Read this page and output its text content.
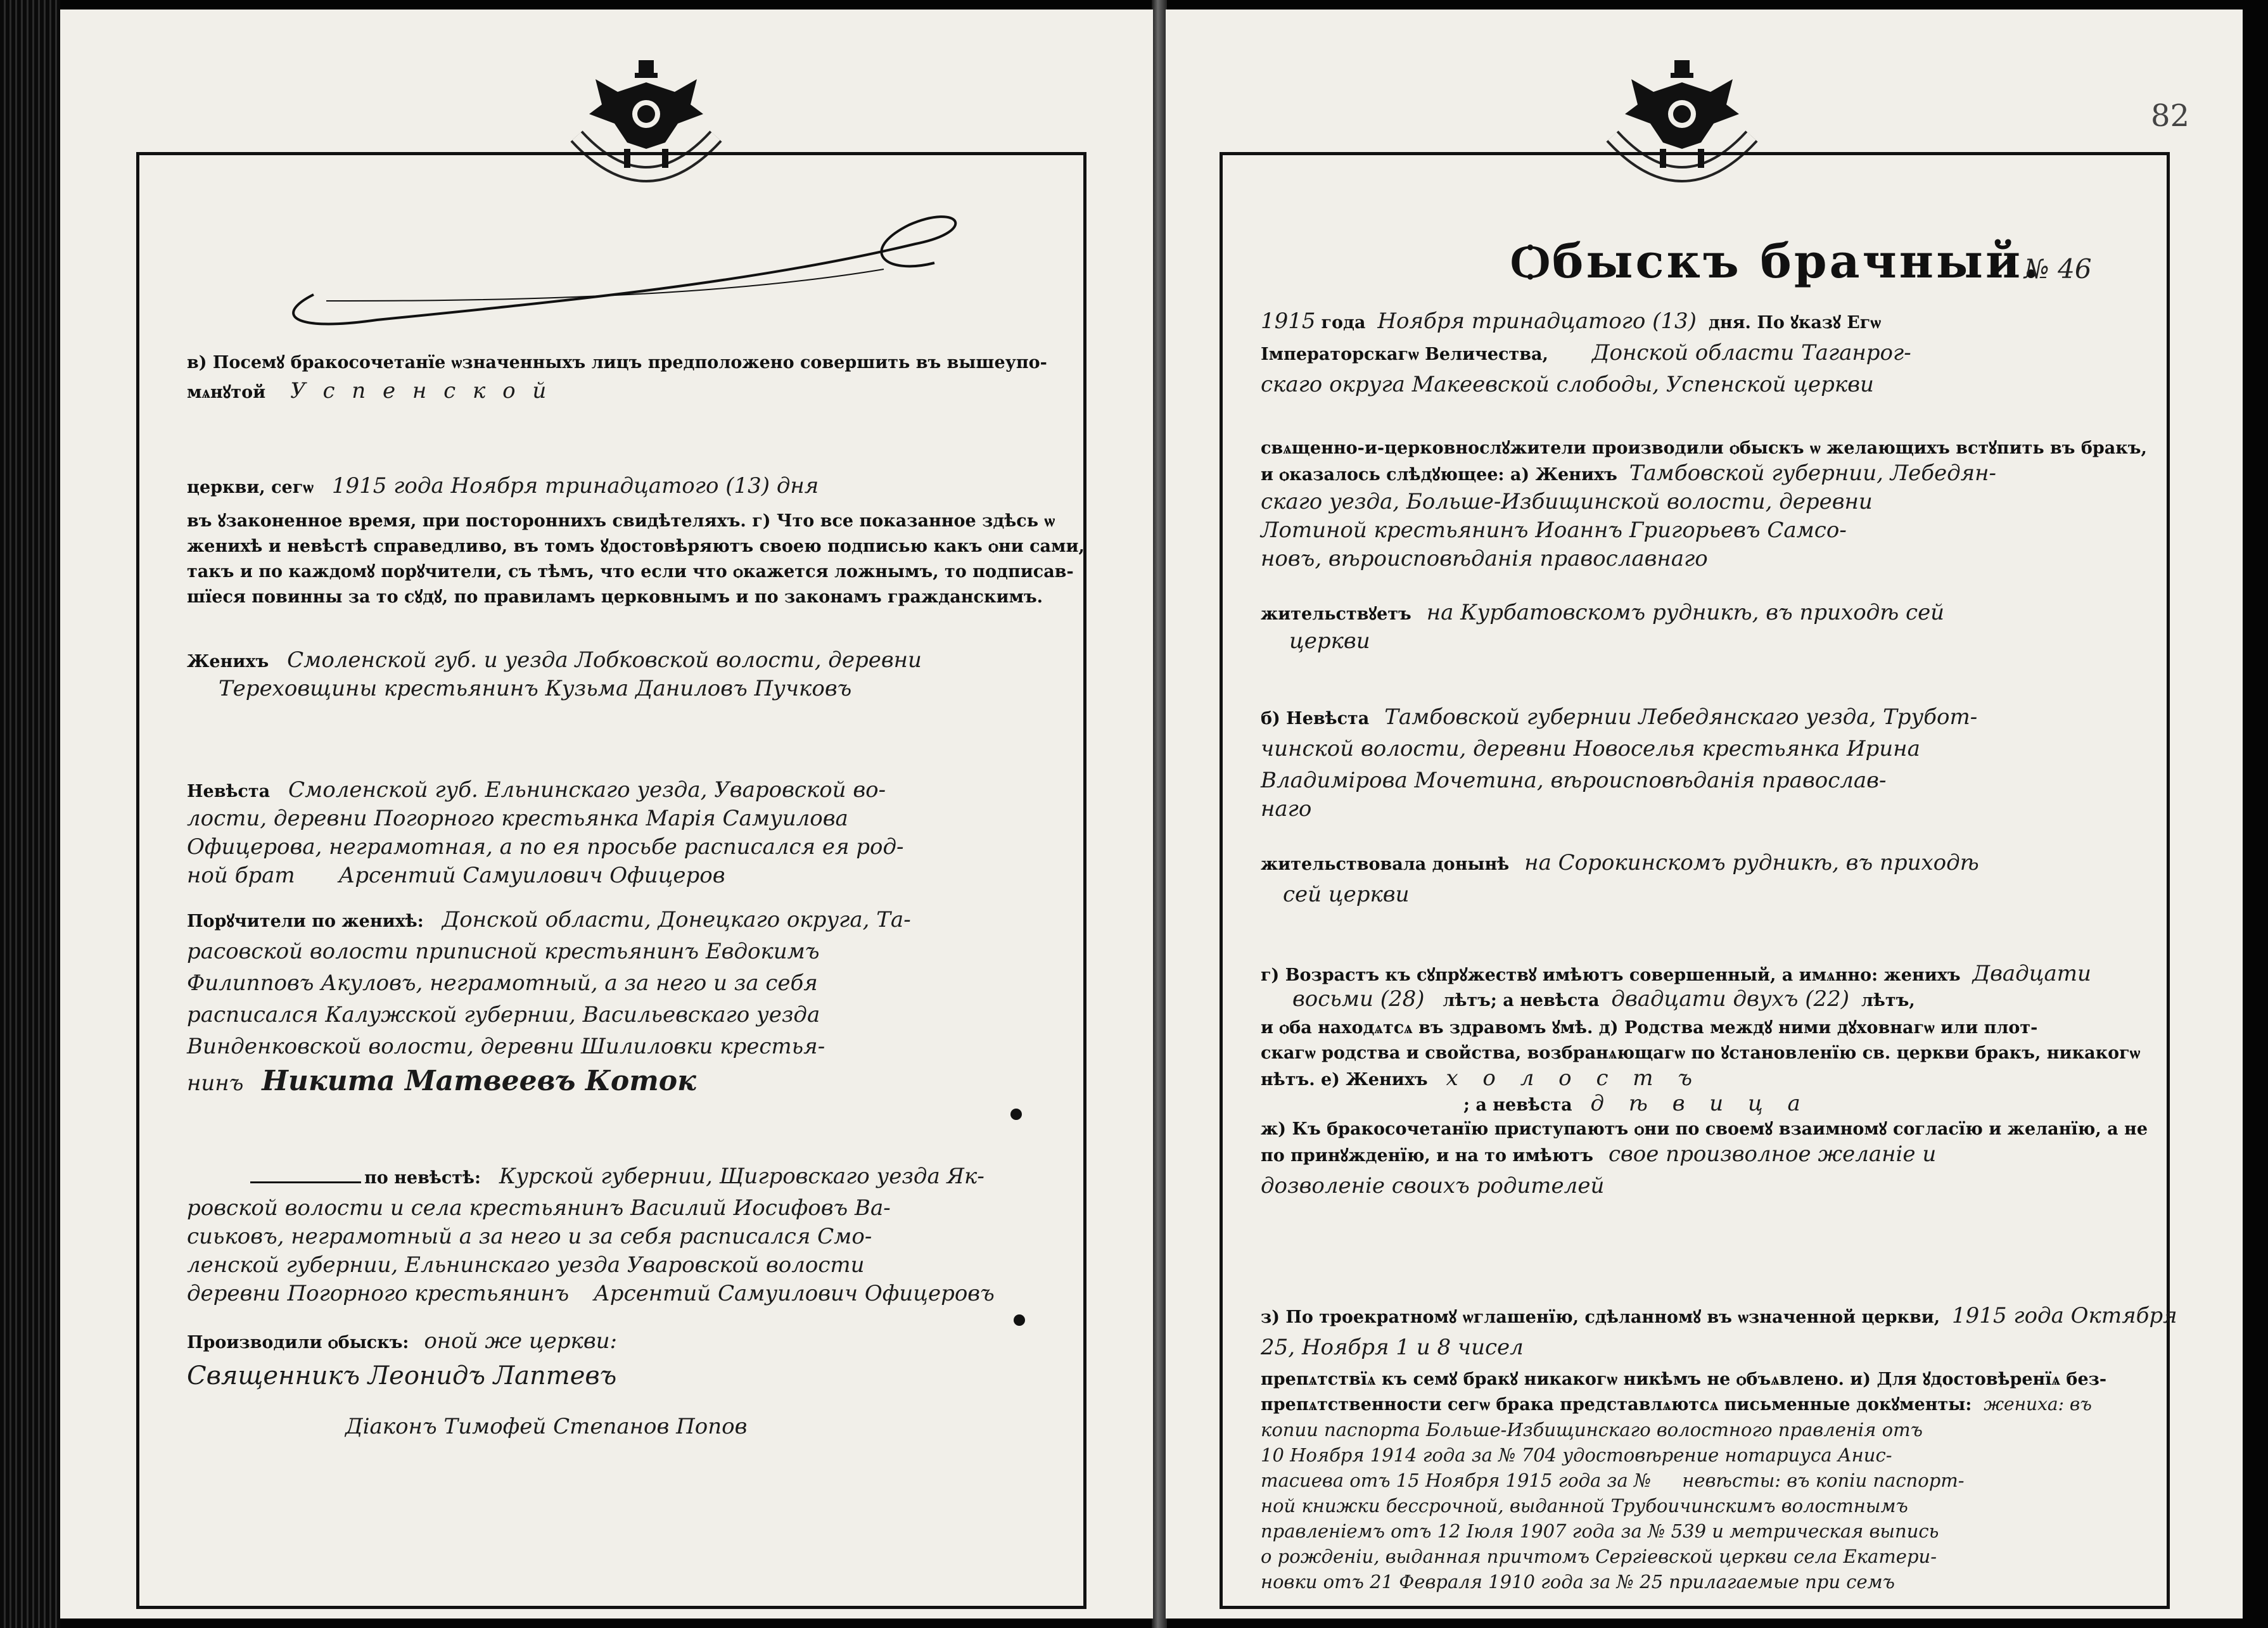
в) Посемꙋ бракосочетанїе ѡзначенныхъ лицъ предположено совершить въ вышеупо-
мѧнꙋтой У с п е н с к о й
церкви, сегѡ 1915 года Ноября тринадцатого (13) дня
въ ꙋзаконенное время, при постороннихъ свидѣтеляхъ. г) Что все показанное здѣсь ѡ
женихѣ и невѣстѣ справедливо, въ томъ ꙋдостовѣряютъ своею подписью какъ ѻни сами,
такъ и по каждомꙋ порꙋчители, съ тѣмъ, что если что ѻкажется ложнымъ, то подписав-
шїеся повинны за то сꙋдꙋ, по правиламъ церковнымъ и по законамъ гражданскимъ.
Женихъ Смоленской губ. и уезда Лобковской волости, деревни
Тереховщины крестьянинъ Кузьма Даниловъ Пучковъ
Невѣста Смоленской губ. Ельнинскаго уезда, Уваровской во-
лости, деревни Погорного крестьянка Марiя Самуилова
Офицерова, неграмотная, а по ея просьбе расписался ея род-
ной брат Арсентий Самуилович Офицеров
Порꙋчители по женихѣ: Донской области, Донецкаго округа, Та-
расовской волости приписной крестьянинъ Евдокимъ
Филипповъ Акуловъ, неграмотный, а за него и за себя
расписался Калужской губернии, Васильевскаго уезда
Винденковской волости, деревни Шилиловки крестья-
нинъ Никита Матвеевъ Коток
по невѣстѣ: Курской губернии, Щигровскаго уезда Як-
ровской волости и села крестьянинъ Василий Иосифовъ Ва-
сиьковъ, неграмотный а за него и за себя расписался Смо-
ленской губернии, Ельнинскаго уезда Уваровской волости
деревни Погорного крестьянинъ Арсентий Самуилович Офицеровъ
Производили ѻбыскъ: оной же церкви:
Священникъ Леонидъ Лаптевъ
Діаконъ Тимофей Степанов Попов
82
Ѻбыскъ брачный.
№ 46
1915 года Ноября тринадцатого (13) дня. По ꙋказꙋ Егѡ
Імператорскагѡ Величества, Донской области Таганрог-
скаго округа Макеевской слободы, Успенской церкви
свѧщенно-и-церковнослꙋжители производили ѻбыскъ ѡ желающихъ встꙋпить въ бракъ,
и ѻказалось слѣдꙋющее: а) Женихъ Тамбовской губернии, Лебедян-
скаго уезда, Больше-Избищинской волости, деревни
Лотиной крестьянинъ Иоаннъ Григорьевъ Самсо-
новъ, вѣроисповѣданiя православнаго
жительствꙋетъ на Курбатовскомъ рудникѣ, въ приходѣ сей
церкви
б) Невѣста Тамбовской губернии Лебедянскаго уезда, Трубот-
чинской волости, деревни Новоселья крестьянка Ирина
Владимiрова Мочетина, вѣроисповѣданiя православ-
наго
жительствовала донынѣ на Сорокинскомъ рудникѣ, въ приходѣ
сей церкви
г) Возрастъ къ сꙋпрꙋжествꙋ имѣютъ совершенный, а имѧнно: женихъ Двадцати
восьми (28) лѣтъ; а невѣста двадцати двухъ (22) лѣтъ,
и ѻба находѧтсѧ въ здравомъ ꙋмѣ. д) Родства междꙋ ними дꙋховнагѡ или плот-
скагѡ родства и свойства, возбранѧющагѡ по ꙋстановленїю св. церкви бракъ, никакогѡ
нѣтъ. е) Женихъ х о л о с т ъ
; а невѣста д ѣ в и ц а
ж) Къ бракосочетанїю приступаютъ ѻни по своемꙋ взаимномꙋ согласїю и желанїю, а не
по принꙋжденїю, и на то имѣютъ свое произволное желанiе и
дозволенiе своихъ родителей
з) По троекратномꙋ ѡглашенїю, сдѣланномꙋ въ ѡзначенной церкви, 1915 года Октября
25, Ноября 1 и 8 чисел
препѧтствїѧ къ семꙋ бракꙋ никакогѡ никѣмъ не ѻбъѧвлено. и) Для ꙋдостовѣренїѧ без-
препѧтственности сегѡ брака представлѧютсѧ письменные докꙋменты: жениха: въ
копии паспорта Больше-Избищинскаго волостного правленiя отъ
10 Ноября 1914 года за № 704 удостовѣрение нотариуса Анис-
тасиева отъ 15 Ноября 1915 года за № невѣсты: въ копiи паспорт-
ной книжки бессрочной, выданной Трубоичинскимъ волостнымъ
правленiемъ отъ 12 Iюля 1907 года за № 539 и метрическая выпись
о рожденiи, выданная причтомъ Сергiевской церкви села Екатери-
новки отъ 21 Февраля 1910 года за № 25 прилагаемые при семъ
